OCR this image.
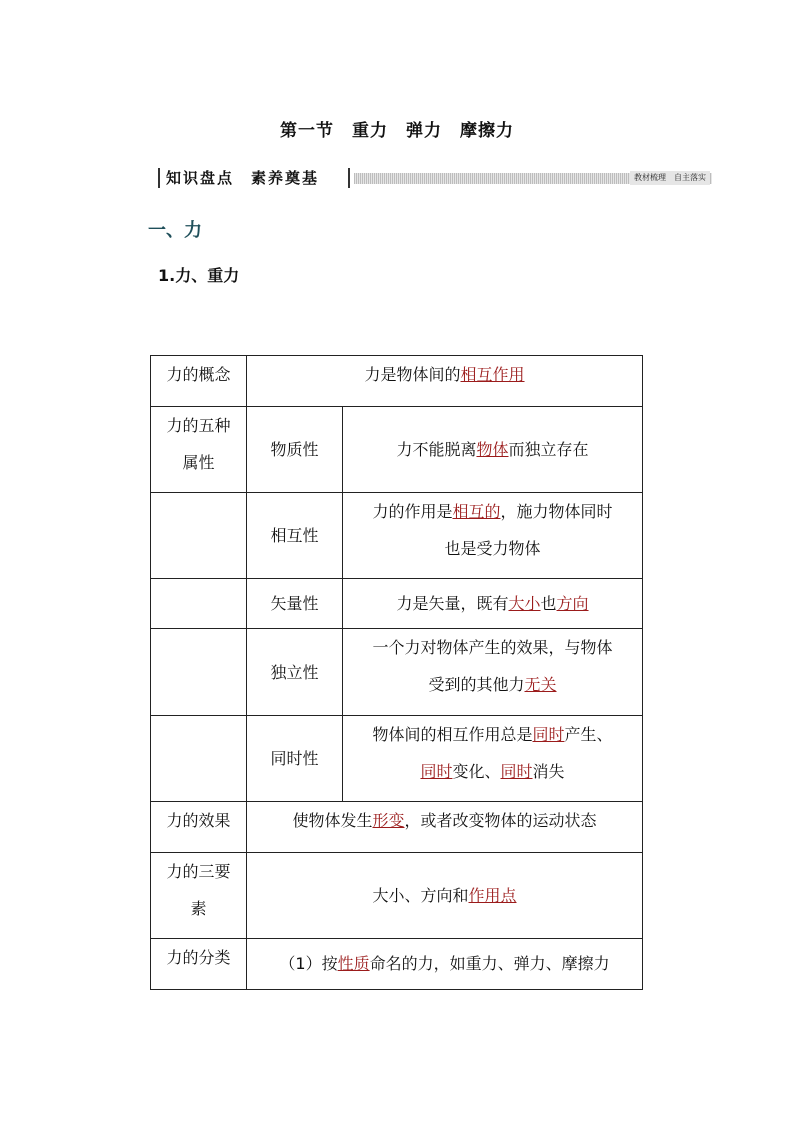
第一节　重力　弹力　摩擦力
知识盘点　素养奠基	教材梳理　自主落实
一、力
1.力、重力
力的概念	力是物体间的相互作用	
力的五种
属性	物质性	力不能脱离物体而独立存在
	相互性	力的作用是相互的，施力物体同时
也是受力物体
	矢量性	力是矢量，既有大小也方向
	独立性	一个力对物体产生的效果，与物体
受到的其他力无关
	同时性	物体间的相互作用总是同时产生、
同时变化、同时消失
力的效果	使物体发生形变，或者改变物体的运动状态	
力的三要
素	大小、方向和作用点	
力的分类	（1）按性质命名的力，如重力、弹力、摩擦力	
